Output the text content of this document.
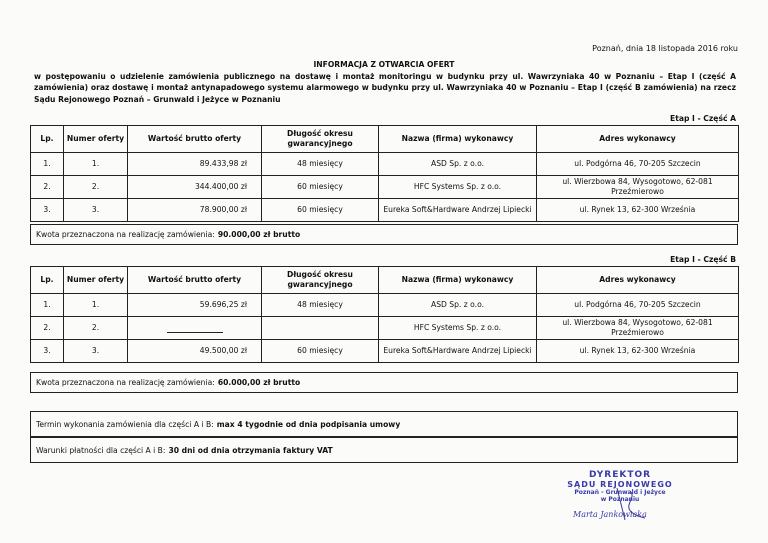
Poznań, dnia 18 listopada 2016 roku
INFORMACJA Z OTWARCIA OFERT
w postępowaniu o udzielenie zamówienia publicznego na dostawę i montaż monitoringu w budynku przy ul. Wawrzyniaka 40 w Poznaniu – Etap I (część A zamówienia) oraz dostawę i montaż antynapadowego systemu alarmowego w budynku przy ul. Wawrzyniaka 40 w Poznaniu – Etap I (część B zamówienia) na rzecz Sądu Rejonowego Poznań – Grunwald i Jeżyce w Poznaniu
Etap I - Część A
Lp.	Numer oferty	Wartość brutto oferty	Długość okresu gwarancyjnego	Nazwa (firma) wykonawcy	Adres wykonawcy
1.	1.	89.433,98 zł	48 miesięcy	ASD Sp. z o.o.	ul. Podgórna 46, 70-205 Szczecin
2.	2.	344.400,00 zł	60 miesięcy	HFC Systems Sp. z o.o.	ul. Wierzbowa 84, Wysogotowo, 62-081 Przeźmierowo
3.	3.	78.900,00 zł	60 miesięcy	Eureka Soft&Hardware Andrzej Lipiecki	ul. Rynek 13, 62-300 Września
Kwota przeznaczona na realizację zamówienia: 90.000,00 zł brutto
Etap I - Część B
Lp.	Numer oferty	Wartość brutto oferty	Długość okresu gwarancyjnego	Nazwa (firma) wykonawcy	Adres wykonawcy
1.	1.	59.696,25 zł	48 miesięcy	ASD Sp. z o.o.	ul. Podgórna 46, 70-205 Szczecin
2.	2.			HFC Systems Sp. z o.o.	ul. Wierzbowa 84, Wysogotowo, 62-081 Przeźmierowo
3.	3.	49.500,00 zł	60 miesięcy	Eureka Soft&Hardware Andrzej Lipiecki	ul. Rynek 13, 62-300 Września
Kwota przeznaczona na realizację zamówienia: 60.000,00 zł brutto
Termin wykonania zamówienia dla części A i B: max 4 tygodnie od dnia podpisania umowy
Warunki płatności dla części A i B: 30 dni od dnia otrzymania faktury VAT
DYREKTOR
SĄDU REJONOWEGO
Poznań - Grunwald i Jeżyce
w Poznaniu
Marta Jankowiaka
